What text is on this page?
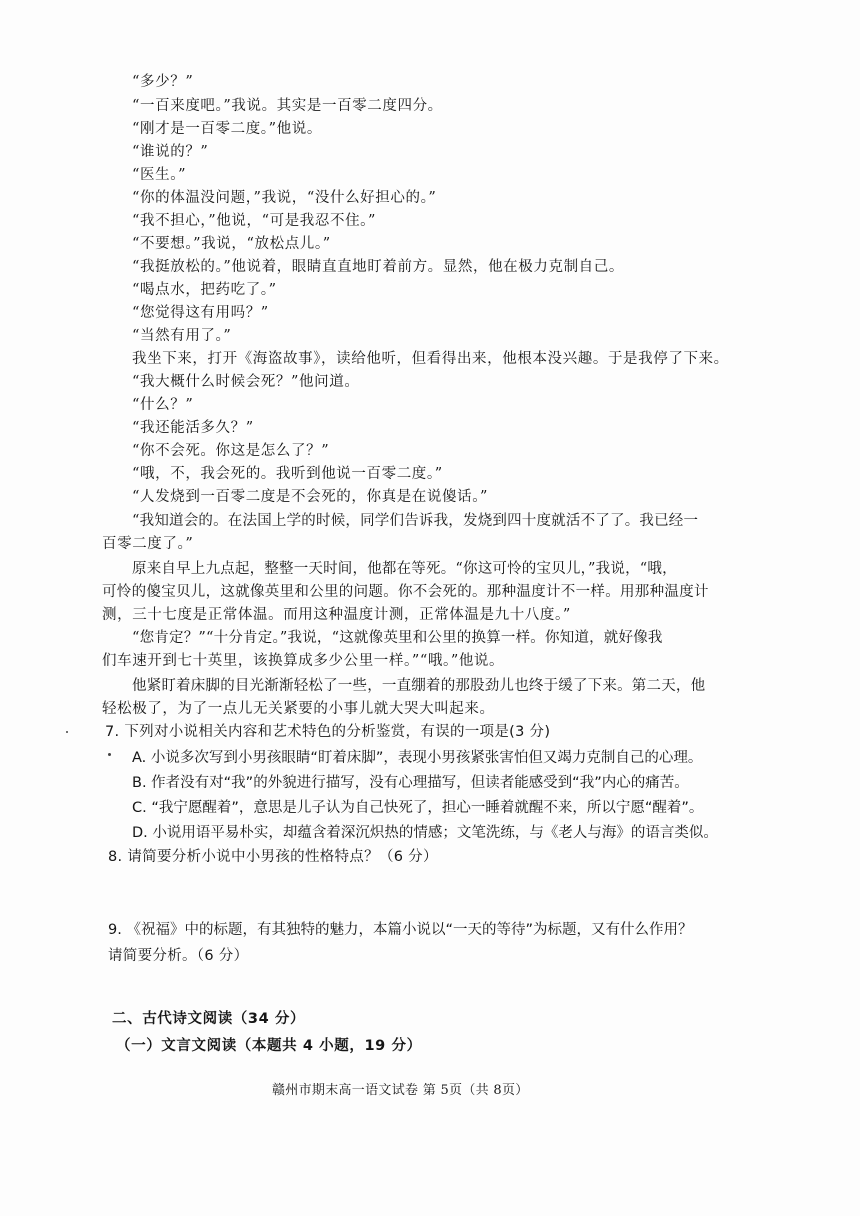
“多少？”
“一百来度吧。”我说。其实是一百零二度四分。
“刚才是一百零二度。”他说。
“谁说的？”
“医生。”
“你的体温没问题，”我说，“没什么好担心的。”
“我不担心，”他说，“可是我忍不住。”
“不要想。”我说，“放松点儿。”
“我挺放松的。”他说着，眼睛直直地盯着前方。显然，他在极力克制自己。
“喝点水，把药吃了。”
“您觉得这有用吗？”
“当然有用了。”
我坐下来，打开《海盗故事》，读给他听，但看得出来，他根本没兴趣。于是我停了下来。
“我大概什么时候会死？”他问道。
“什么？”
“我还能活多久？”
“你不会死。你这是怎么了？”
“哦，不，我会死的。我听到他说一百零二度。”
“人发烧到一百零二度是不会死的，你真是在说傻话。”
“我知道会的。在法国上学的时候，同学们告诉我，发烧到四十度就活不了了。我已经一
百零二度了。”
原来自早上九点起，整整一天时间，他都在等死。“你这可怜的宝贝儿，”我说，“哦，
可怜的傻宝贝儿，这就像英里和公里的问题。你不会死的。那种温度计不一样。用那种温度计
测，三十七度是正常体温。而用这种温度计测，正常体温是九十八度。”
“您肯定？”“十分肯定。”我说，“这就像英里和公里的换算一样。你知道，就好像我
们车速开到七十英里，该换算成多少公里一样。”“哦。”他说。
他紧盯着床脚的目光渐渐轻松了一些，一直绷着的那股劲儿也终于缓了下来。第二天，他
轻松极了，为了一点儿无关紧要的小事儿就大哭大叫起来。
7. 下列对小说相关内容和艺术特色的分析鉴赏，有误的一项是(3 分)
A. 小说多次写到小男孩眼睛“盯着床脚”，表现小男孩紧张害怕但又竭力克制自己的心理。
B. 作者没有对“我”的外貌进行描写，没有心理描写，但读者能感受到“我”内心的痛苦。
C. “我宁愿醒着”，意思是儿子认为自己快死了，担心一睡着就醒不来，所以宁愿“醒着”。
D. 小说用语平易朴实，却蕴含着深沉炽热的情感；文笔洗练，与《老人与海》的语言类似。
8. 请简要分析小说中小男孩的性格特点？（6 分）
9. 《祝福》中的标题，有其独特的魅力，本篇小说以“一天的等待”为标题，又有什么作用？
请简要分析。（6 分）
二、古代诗文阅读（34 分）
（一）文言文阅读（本题共 4 小题，19 分）
赣州市期末高一语文试卷 第 5页（共 8页）
